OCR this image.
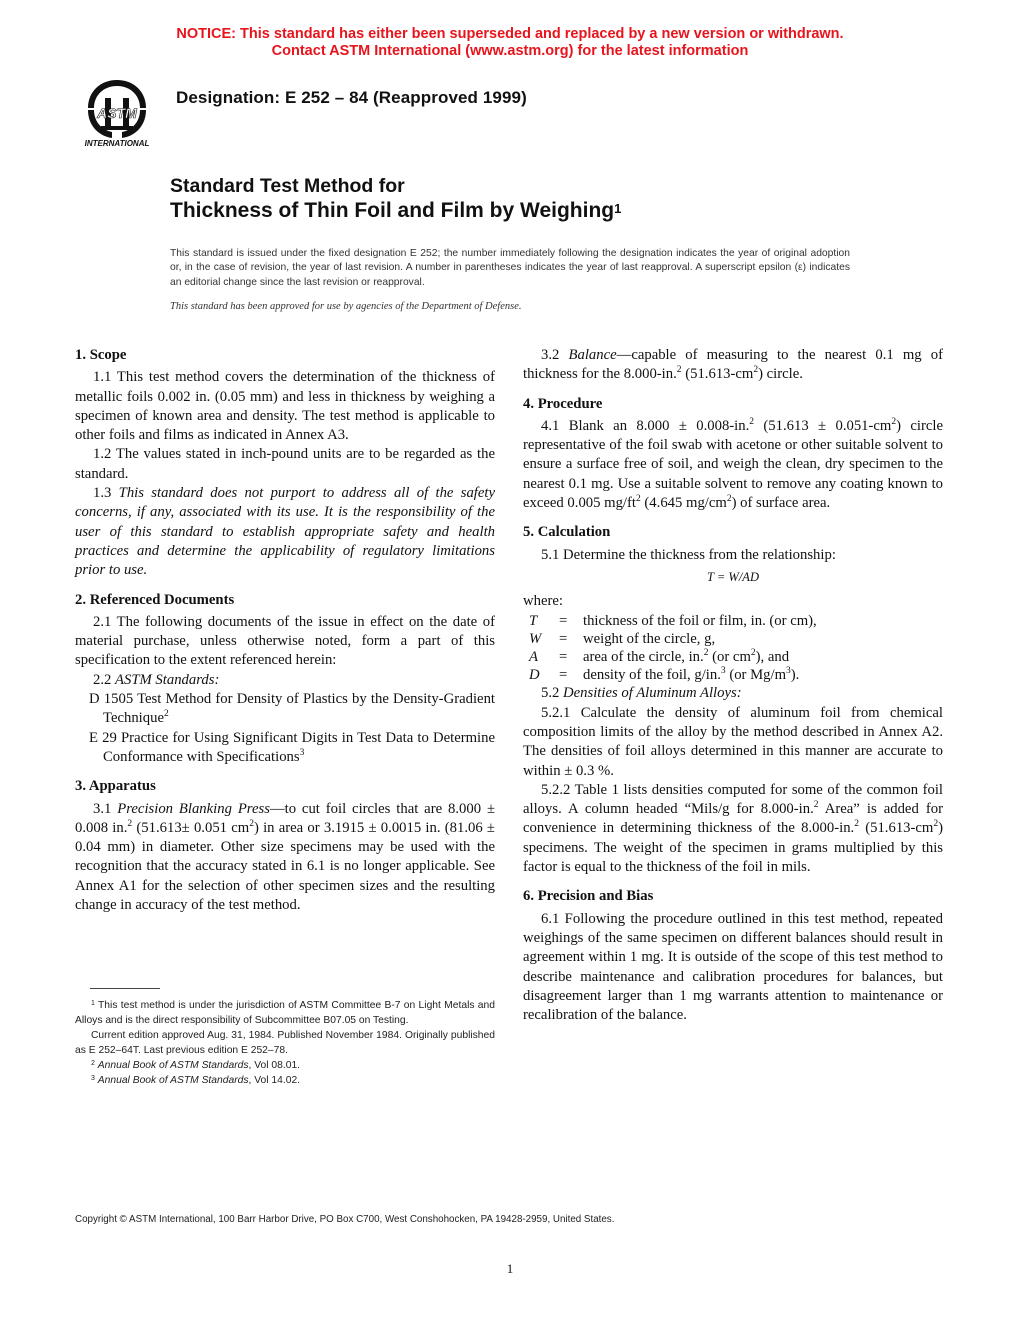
NOTICE: This standard has either been superseded and replaced by a new version or withdrawn.
Contact ASTM International (www.astm.org) for the latest information
ASTM
INTERNATIONAL
Designation: E 252 – 84 (Reapproved 1999)
Standard Test Method for
Thickness of Thin Foil and Film by Weighing$^1$
This standard is issued under the fixed designation E 252; the number immediately following the designation indicates the year of original adoption or, in the case of revision, the year of last revision. A number in parentheses indicates the year of last reapproval. A superscript epsilon (ε) indicates an editorial change since the last revision or reapproval.
This standard has been approved for use by agencies of the Department of Defense.
1. Scope

1.1 This test method covers the determination of the thickness of metallic foils 0.002 in. (0.05 mm) and less in thickness by weighing a specimen of known area and density. The test method is applicable to other foils and films as indicated in Annex A3.

1.2 The values stated in inch-pound units are to be regarded as the standard.

1.3 This standard does not purport to address all of the safety concerns, if any, associated with its use. It is the responsibility of the user of this standard to establish appropriate safety and health practices and determine the applicability of regulatory limitations prior to use.

2. Referenced Documents

2.1 The following documents of the issue in effect on the date of material purchase, unless otherwise noted, form a part of this specification to the extent referenced herein:

2.2 ASTM Standards:

D 1505 Test Method for Density of Plastics by the Density-Gradient Technique$^2$

E 29 Practice for Using Significant Digits in Test Data to Determine Conformance with Specifications$^3$

3. Apparatus

3.1 Precision Blanking Press—to cut foil circles that are 8.000 ± 0.008 in.$^2$ (51.613± 0.051 $cm^2$) in area or 3.1915 ± 0.0015 in. (81.06 ± 0.04 mm) in diameter. Other size specimens may be used with the recognition that the accuracy stated in 6.1 is no longer applicable. See Annex A1 for the selection of other specimen sizes and the resulting change in accuracy of the test method.

$^1$ This test method is under the jurisdiction of ASTM Committee B-7 on Light Metals and Alloys and is the direct responsibility of Subcommittee B07.05 on Testing.

Current edition approved Aug. 31, 1984. Published November 1984. Originally published as E 252–64T. Last previous edition E 252–78.

$^2$ Annual Book of ASTM Standards, Vol 08.01.

$^3$ Annual Book of ASTM Standards, Vol 14.02.

3.2 Balance—capable of measuring to the nearest 0.1 mg of thickness for the 8.000-in.$^2$ $(51.613-cm^2)$ circle.

4. Procedure

4.1 Blank an 8.000 ± 0.008-in.$^2$ $(51.613 \pm 0.051-cm^2)$ circle representative of the foil swab with acetone or other suitable solvent to ensure a surface free of soil, and weigh the clean, dry specimen to the nearest 0.1 mg. Use a suitable solvent to remove any coating known to exceed 0.005 $mg/ft^2$ (4.645 $mg/cm^2$) of surface area.

5. Calculation

5.1 Determine the thickness from the relationship:

T = W/AD

where:

T	=	thickness of the foil or film, in. (or cm),
W	=	weight of the circle, g,
A	=	area of the circle, in.$^2$ (or $cm^2$), and
D	=	density of the foil, g/in.$^3$ (or $Mg/m^3$).

5.2 Densities of Aluminum Alloys:

5.2.1 Calculate the density of aluminum foil from chemical composition limits of the alloy by the method described in Annex A2. The densities of foil alloys determined in this manner are accurate to within ± 0.3 %.

5.2.2 Table 1 lists densities computed for some of the common foil alloys. A column headed “Mils/g for 8.000-in.$^2$ Area” is added for convenience in determining thickness of the 8.000-in.$^2$ $(51.613-cm^2)$ specimens. The weight of the specimen in grams multiplied by this factor is equal to the thickness of the foil in mils.

6. Precision and Bias

6.1 Following the procedure outlined in this test method, repeated weighings of the same specimen on different balances should result in agreement within 1 mg. It is outside of the scope of this test method to describe maintenance and calibration procedures for balances, but disagreement larger than 1 mg warrants attention to maintenance or recalibration of the balance.

Copyright © ASTM International, 100 Barr Harbor Drive, PO Box C700, West Conshohocken, PA 19428-2959, United States.
1
